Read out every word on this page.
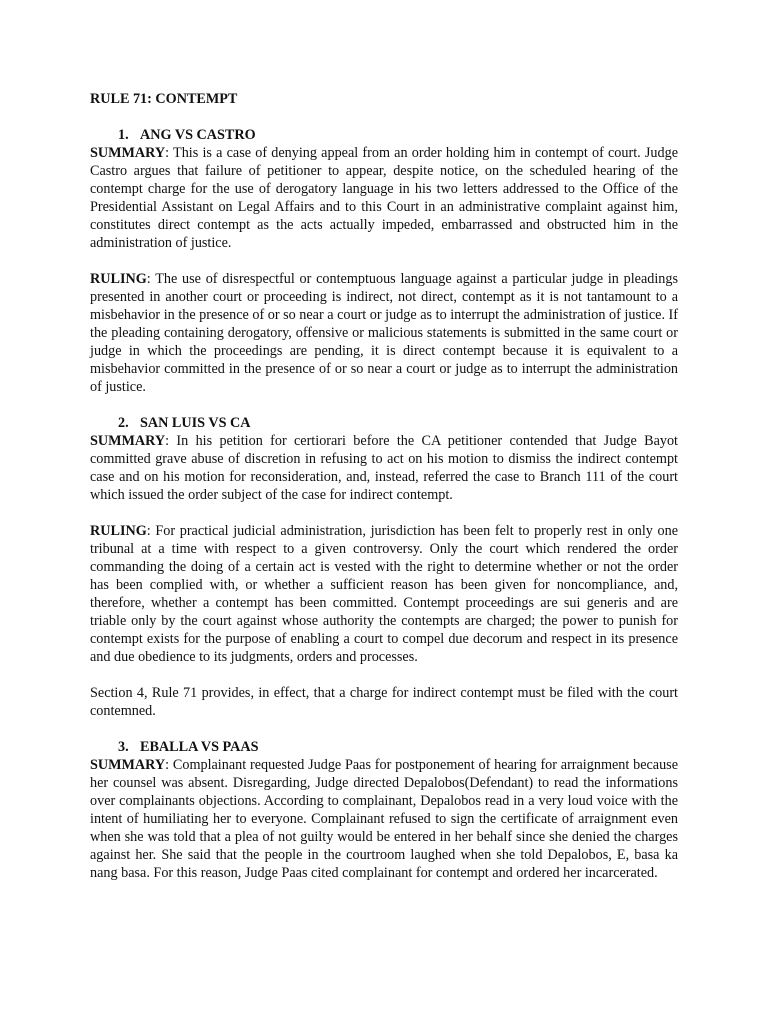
RULE 71: CONTEMPT

1. ANG VS CASTRO

SUMMARY: This is a case of denying appeal from an order holding him in contempt of court. Judge Castro argues that failure of petitioner to appear, despite notice, on the scheduled hearing of the contempt charge for the use of derogatory language in his two letters addressed to the Office of the Presidential Assistant on Legal Affairs and to this Court in an administrative complaint against him, constitutes direct contempt as the acts actually impeded, embarrassed and obstructed him in the administration of justice.

RULING: The use of disrespectful or contemptuous language against a particular judge in pleadings presented in another court or proceeding is indirect, not direct, contempt as it is not tantamount to a misbehavior in the presence of or so near a court or judge as to interrupt the administration of justice. If the pleading containing derogatory, offensive or malicious statements is submitted in the same court or judge in which the proceedings are pending, it is direct contempt because it is equivalent to a misbehavior committed in the presence of or so near a court or judge as to interrupt the administration of justice.

2. SAN LUIS VS CA

SUMMARY: In his petition for certiorari before the CA petitioner contended that Judge Bayot committed grave abuse of discretion in refusing to act on his motion to dismiss the indirect contempt case and on his motion for reconsideration, and, instead, referred the case to Branch 111 of the court which issued the order subject of the case for indirect contempt.

RULING: For practical judicial administration, jurisdiction has been felt to properly rest in only one tribunal at a time with respect to a given controversy. Only the court which rendered the order commanding the doing of a certain act is vested with the right to determine whether or not the order has been complied with, or whether a sufficient reason has been given for noncompliance, and, therefore, whether a contempt has been committed. Contempt proceedings are sui generis and are triable only by the court against whose authority the contempts are charged; the power to punish for contempt exists for the purpose of enabling a court to compel due decorum and respect in its presence and due obedience to its judgments, orders and processes.

Section 4, Rule 71 provides, in effect, that a charge for indirect contempt must be filed with the court contemned.

3. EBALLA VS PAAS

SUMMARY: Complainant requested Judge Paas for postponement of hearing for arraignment because her counsel was absent. Disregarding, Judge directed Depalobos(Defendant) to read the informations over complainants objections. According to complainant, Depalobos read in a very loud voice with the intent of humiliating her to everyone. Complainant refused to sign the certificate of arraignment even when she was told that a plea of not guilty would be entered in her behalf since she denied the charges against her. She said that the people in the courtroom laughed when she told Depalobos, E, basa ka nang basa. For this reason, Judge Paas cited complainant for contempt and ordered her incarcerated.
